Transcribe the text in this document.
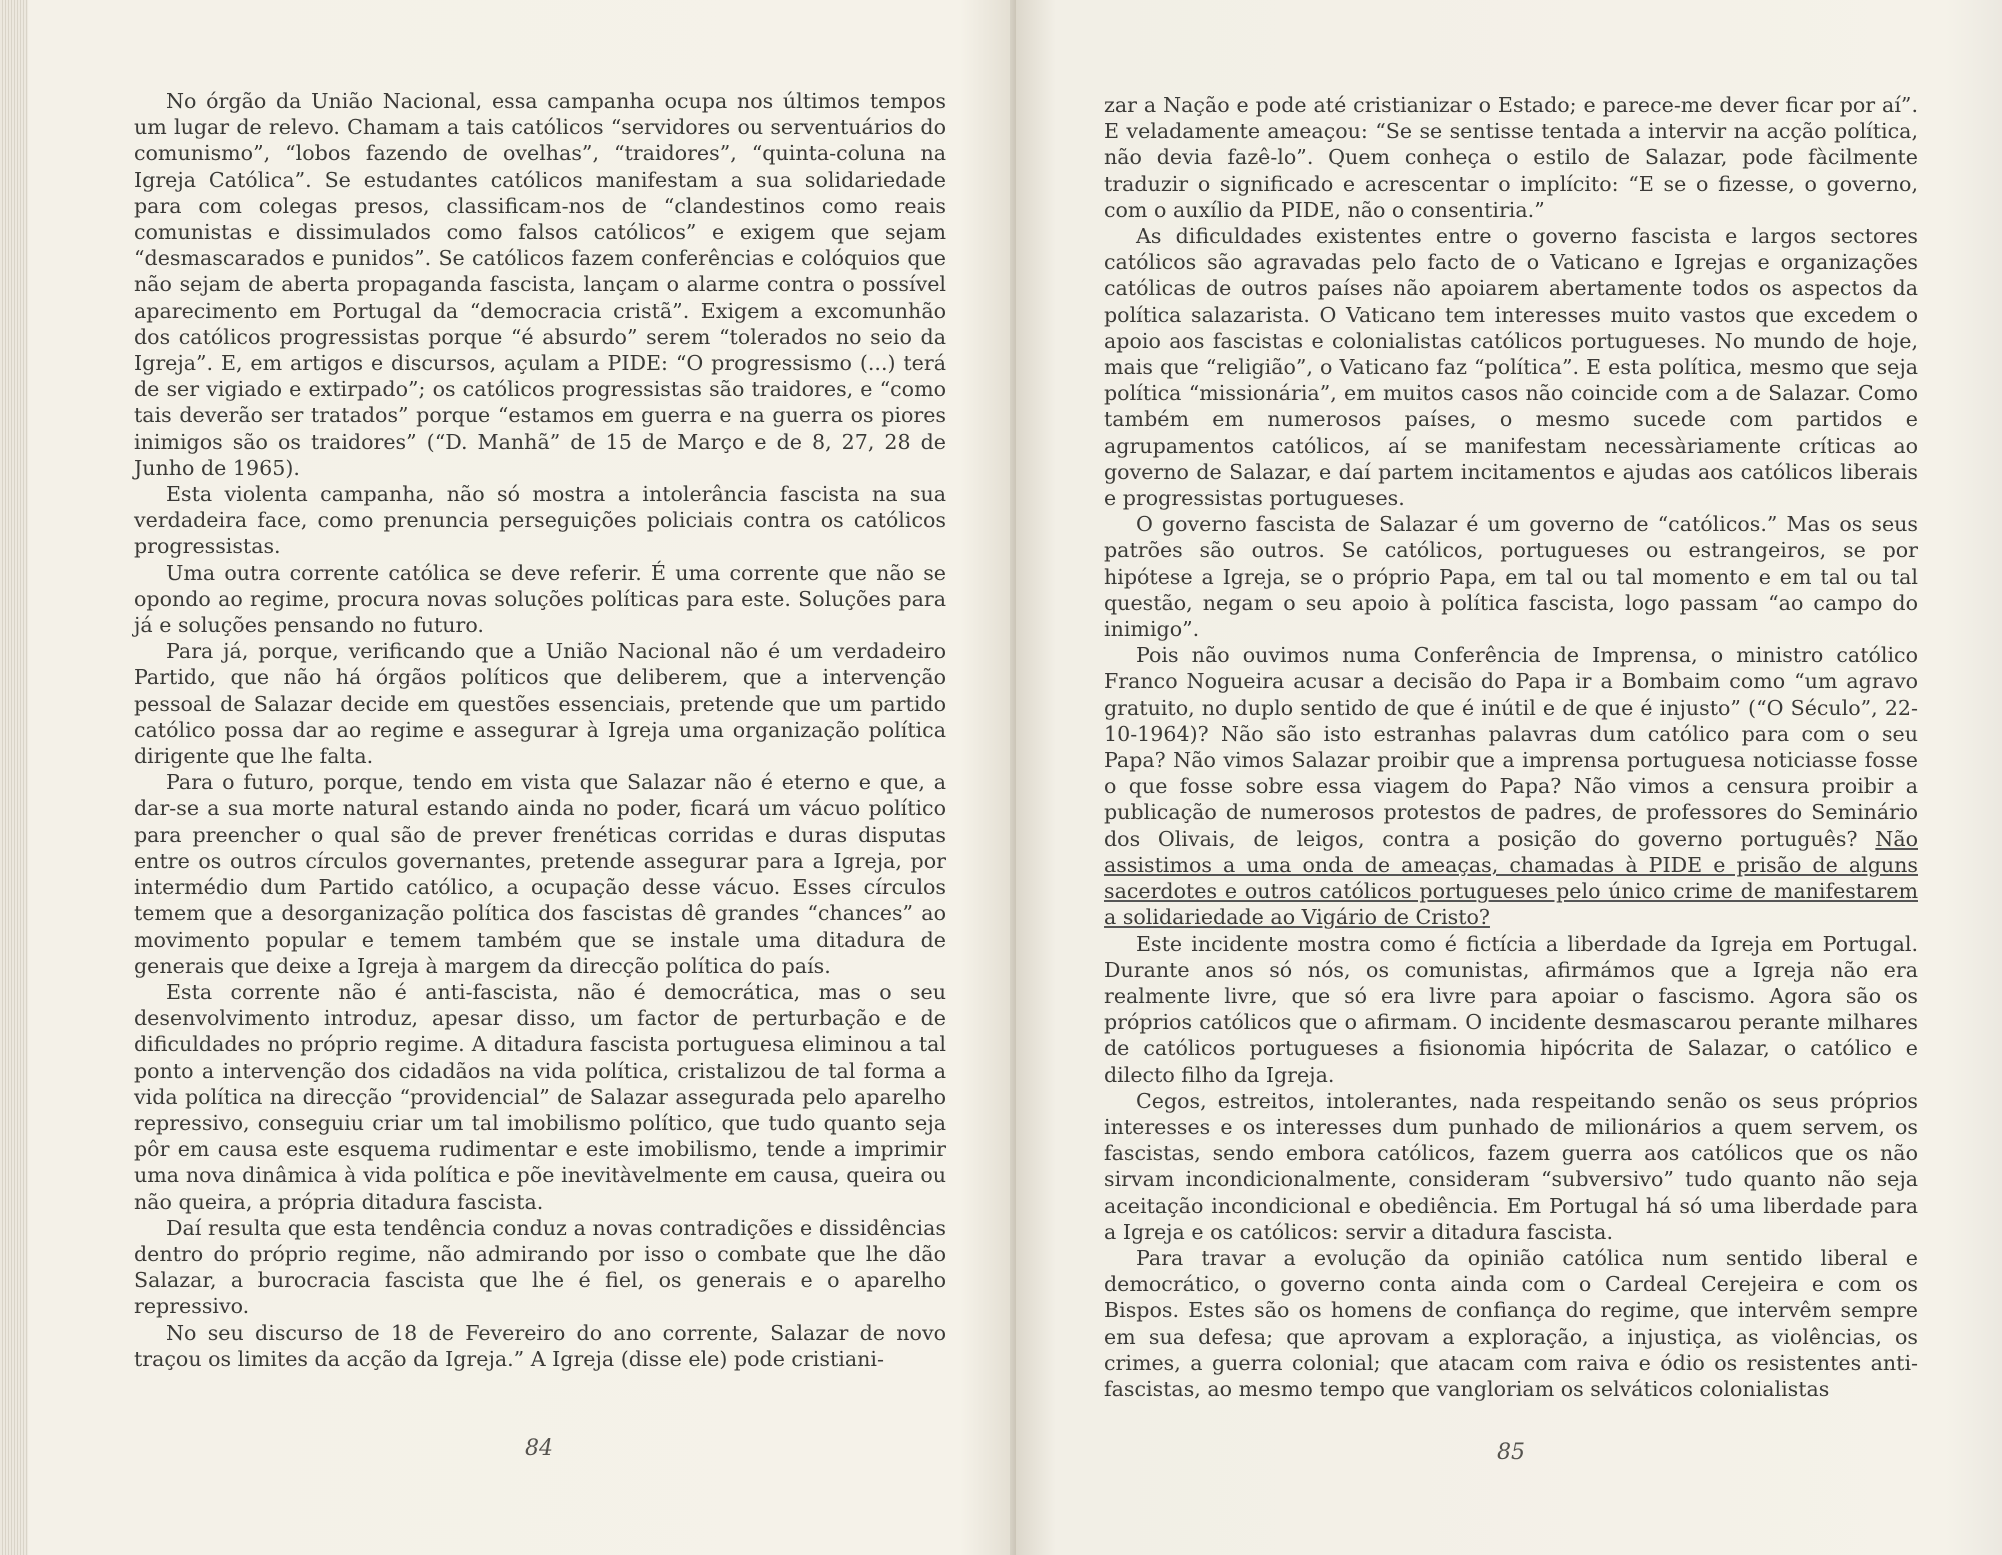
No órgão da União Nacional, essa campanha ocupa nos últimos tempos um lugar de relevo. Chamam a tais católicos “servidores ou serventuários do comunismo”, “lobos fazendo de ovelhas”, “traidores”, “quinta-coluna na Igreja Católica”. Se estudantes católicos manifestam a sua solidariedade para com colegas presos, classificam-nos de “clandestinos como reais comunistas e dissimulados como falsos católicos” e exigem que sejam “desmascarados e punidos”. Se católicos fazem conferências e colóquios que não sejam de aberta propaganda fascista, lançam o alarme contra o possível aparecimento em Portugal da “democracia cristã”. Exigem a excomunhão dos católicos progressistas porque “é absurdo” serem “tolerados no seio da Igreja”. E, em artigos e discursos, açulam a PIDE: “O progressismo (...) terá de ser vigiado e extirpado”; os católicos progressistas são traidores, e “como tais deverão ser tratados” porque “estamos em guerra e na guerra os piores inimigos são os traidores” (“D. Manhã” de 15 de Março e de 8, 27, 28 de Junho de 1965).

Esta violenta campanha, não só mostra a intolerância fascista na sua verdadeira face, como prenuncia perseguições policiais contra os católicos progressistas.

Uma outra corrente católica se deve referir. É uma corrente que não se opondo ao regime, procura novas soluções políticas para este. Soluções para já e soluções pensando no futuro.

Para já, porque, verificando que a União Nacional não é um verdadeiro Partido, que não há órgãos políticos que deliberem, que a intervenção pessoal de Salazar decide em questões essenciais, pretende que um partido católico possa dar ao regime e assegurar à Igreja uma organização política dirigente que lhe falta.

Para o futuro, porque, tendo em vista que Salazar não é eterno e que, a dar-se a sua morte natural estando ainda no poder, ficará um vácuo político para preencher o qual são de prever frenéticas corridas e duras disputas entre os outros círculos governantes, pretende assegurar para a Igreja, por intermédio dum Partido católico, a ocupação desse vácuo. Esses círculos temem que a desorganização política dos fascistas dê grandes “chances” ao movimento popular e temem também que se instale uma ditadura de generais que deixe a Igreja à margem da direcção política do país.

Esta corrente não é anti-fascista, não é democrática, mas o seu desenvolvimento introduz, apesar disso, um factor de perturbação e de dificuldades no próprio regime. A ditadura fascista portuguesa eliminou a tal ponto a intervenção dos cidadãos na vida política, cristalizou de tal forma a vida política na direcção “providencial” de Salazar assegurada pelo aparelho repressivo, conseguiu criar um tal imobilismo político, que tudo quanto seja pôr em causa este esquema rudimentar e este imobilismo, tende a imprimir uma nova dinâmica à vida política e põe inevitàvelmente em causa, queira ou não queira, a própria ditadura fascista.

Daí resulta que esta tendência conduz a novas contradições e dissidências dentro do próprio regime, não admirando por isso o combate que lhe dão Salazar, a burocracia fascista que lhe é fiel, os generais e o aparelho repressivo.

No seu discurso de 18 de Fevereiro do ano corrente, Salazar de novo traçou os limites da acção da Igreja.” A Igreja (disse ele) pode cristiani-

84

zar a Nação e pode até cristianizar o Estado; e parece-me dever ficar por aí”. E veladamente ameaçou: “Se se sentisse tentada a intervir na acção política, não devia fazê-lo”. Quem conheça o estilo de Salazar, pode fàcilmente traduzir o significado e acrescentar o implícito: “E se o fizesse, o governo, com o auxílio da PIDE, não o consentiria.”

As dificuldades existentes entre o governo fascista e largos sectores católicos são agravadas pelo facto de o Vaticano e Igrejas e organizações católicas de outros países não apoiarem abertamente todos os aspectos da política salazarista. O Vaticano tem interesses muito vastos que excedem o apoio aos fascistas e colonialistas católicos portugueses. No mundo de hoje, mais que “religião”, o Vaticano faz “política”. E esta política, mesmo que seja política “missionária”, em muitos casos não coincide com a de Salazar. Como também em numerosos países, o mesmo sucede com partidos e agrupamentos católicos, aí se manifestam necessàriamente críticas ao governo de Salazar, e daí partem incitamentos e ajudas aos católicos liberais e progressistas portugueses.

O governo fascista de Salazar é um governo de “católicos.” Mas os seus patrões são outros. Se católicos, portugueses ou estrangeiros, se por hipótese a Igreja, se o próprio Papa, em tal ou tal momento e em tal ou tal questão, negam o seu apoio à política fascista, logo passam “ao campo do inimigo”.

Pois não ouvimos numa Conferência de Imprensa, o ministro católico Franco Nogueira acusar a decisão do Papa ir a Bombaim como “um agravo gratuito, no duplo sentido de que é inútil e de que é injusto” (“O Século”, 22-10-1964)? Não são isto estranhas palavras dum católico para com o seu Papa? Não vimos Salazar proibir que a imprensa portuguesa noticiasse fosse o que fosse sobre essa viagem do Papa? Não vimos a censura proibir a publicação de numerosos protestos de padres, de professores do Seminário dos Olivais, de leigos, contra a posição do governo português? Não assistimos a uma onda de ameaças, chamadas à PIDE e prisão de alguns sacerdotes e outros católicos portugueses pelo único crime de manifestarem a solidariedade ao Vigário de Cristo?

Este incidente mostra como é fictícia a liberdade da Igreja em Portugal. Durante anos só nós, os comunistas, afirmámos que a Igreja não era realmente livre, que só era livre para apoiar o fascismo. Agora são os próprios católicos que o afirmam. O incidente desmascarou perante milhares de católicos portugueses a fisionomia hipócrita de Salazar, o católico e dilecto filho da Igreja.

Cegos, estreitos, intolerantes, nada respeitando senão os seus próprios interesses e os interesses dum punhado de milionários a quem servem, os fascistas, sendo embora católicos, fazem guerra aos católicos que os não sirvam incondicionalmente, consideram “subversivo” tudo quanto não seja aceitação incondicional e obediência. Em Portugal há só uma liberdade para a Igreja e os católicos: servir a ditadura fascista.

Para travar a evolução da opinião católica num sentido liberal e democrático, o governo conta ainda com o Cardeal Cerejeira e com os Bispos. Estes são os homens de confiança do regime, que intervêm sempre em sua defesa; que aprovam a exploração, a injustiça, as violências, os crimes, a guerra colonial; que atacam com raiva e ódio os resistentes anti-fascistas, ao mesmo tempo que vangloriam os selváticos colonialistas

85
